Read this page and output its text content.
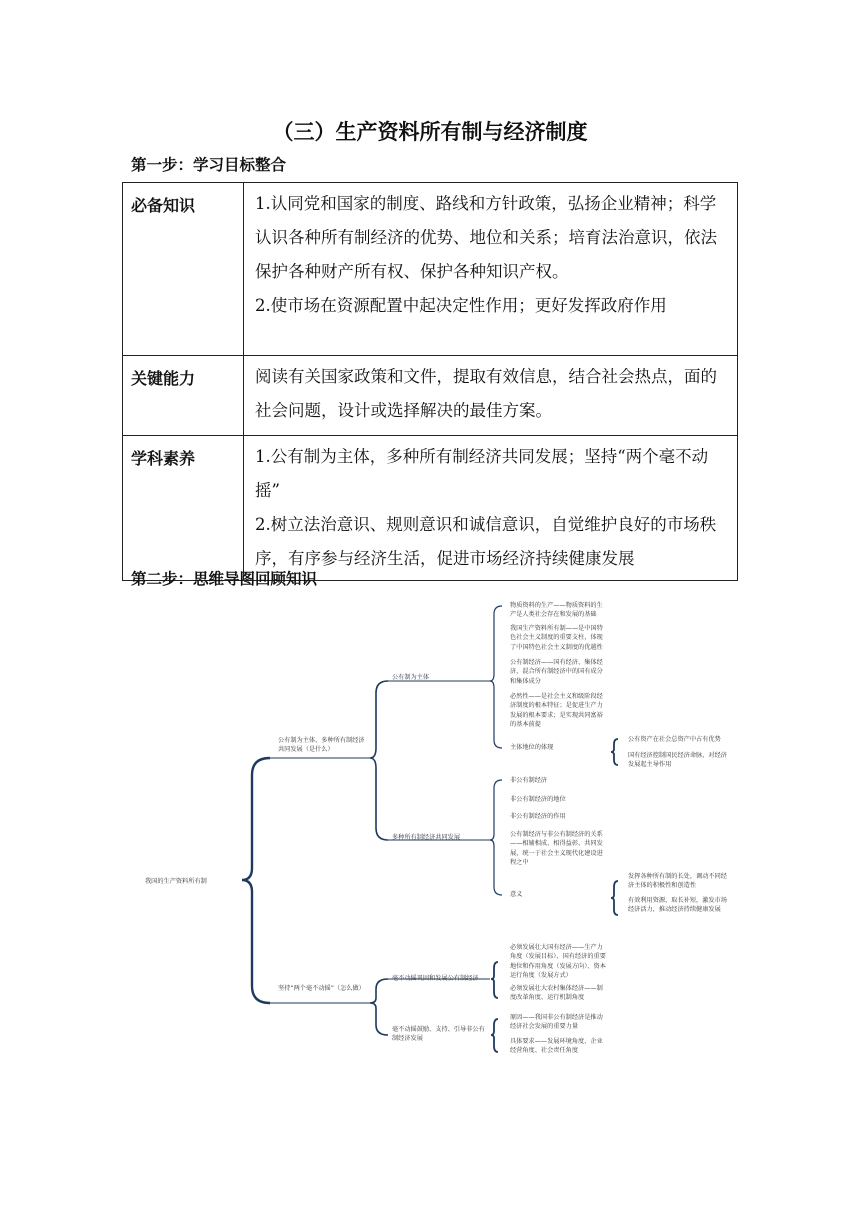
（三）生产资料所有制与经济制度
第一步：学习目标整合
必备知识	1.认同党和国家的制度、路线和方针政策，弘扬企业精神；科学认识各种所有制经济的优势、地位和关系；培育法治意识，依法保护各种财产所有权、保护各种知识产权。
2.使市场在资源配置中起决定性作用；更好发挥政府作用

关键能力	阅读有关国家政策和文件，提取有效信息，结合社会热点，面的社会问题，设计或选择解决的最佳方案。

学科素养	1.公有制为主体，多种所有制经济共同发展；坚持“两个毫不动摇”
2.树立法治意识、规则意识和诚信意识，自觉维护良好的市场秩序，有序参与经济生活，促进市场经济持续健康发展
第二步：思维导图回顾知识
我国的生产资料所有制
公有制为主体、多种所有制经济共同发展（是什么）
公有制为主体
物质资料的生产——物质资料的生产是人类社会存在和发展的基础
我国生产资料所有制——是中国特色社会主义制度的重要支柱，体现了中国特色社会主义制度的优越性
公有制经济——国有经济、集体经济，混合所有制经济中的国有成分和集体成分
必然性——是社会主义和级阶段经济制度的根本特征；是促进生产力发展的根本要求；是实现共同富裕的基本前提
主体地位的体现
公有资产在社会总资产中占有优势
国有经济控制国民经济命脉，对经济发展起主导作用
多种所有制经济共同发展
非公有制经济
非公有制经济的地位
非公有制经济的作用
公有制经济与非公有制经济的关系——相辅相成、相得益彰、共同发展，统一于社会主义现代化建设进程之中
意义
发挥各种所有制的长处，调动不同经济主体的积极性和创造性
有效利用资源，取长补短，激发市场经济活力，推动经济持续健康发展
坚持“两个毫不动摇”（怎么做）
毫不动摇巩固和发展公有制经济
必须发展壮大国有经济——生产力角度（发展目标）、国有经济的重要地位和作用角度（发展方向）、资本运行角度（发展方式）
必须发展壮大农村集体经济——制度改革角度、运行机制角度
毫不动摇鼓励、支持、引导非公有制经济发展
原因——我国非公有制经济是推动经济社会发展的重要力量
具体要求——发展环境角度、企业经营角度、社会责任角度
